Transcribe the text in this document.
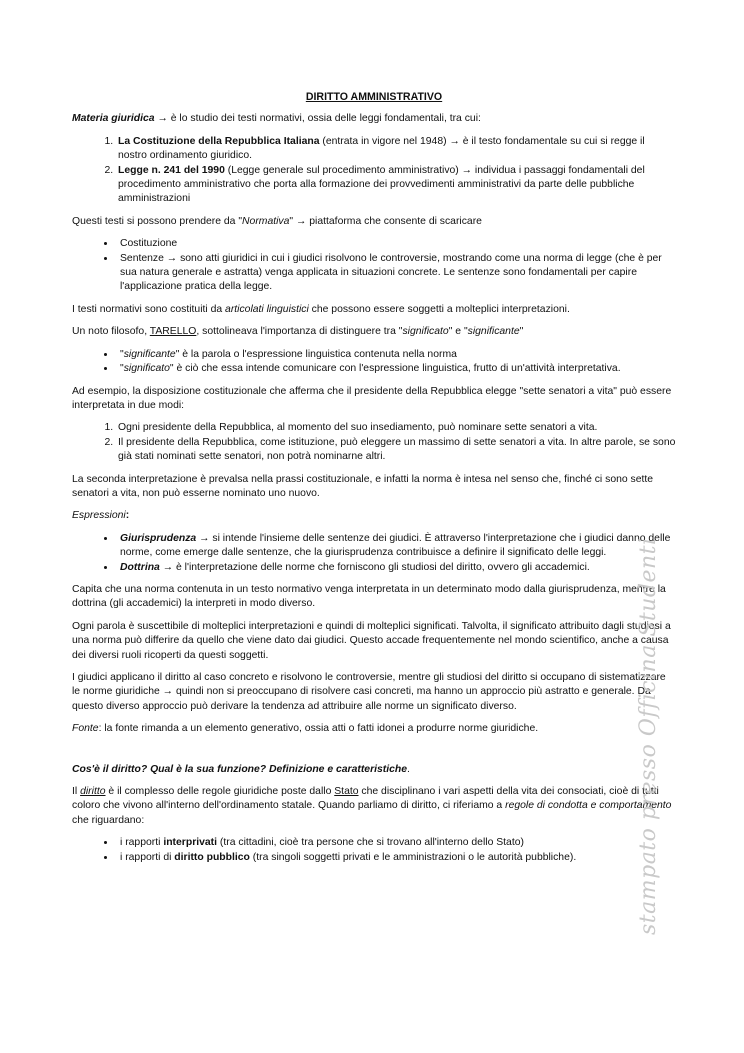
DIRITTO AMMINISTRATIVO

Materia giuridica → è lo studio dei testi normativi, ossia delle leggi fondamentali, tra cui:

1. La Costituzione della Repubblica Italiana (entrata in vigore nel 1948) → è il testo fondamentale su cui si regge il nostro ordinamento giuridico.
2. Legge n. 241 del 1990 (Legge generale sul procedimento amministrativo) → individua i passaggi fondamentali del procedimento amministrativo che porta alla formazione dei provvedimenti amministrativi da parte delle pubbliche amministrazioni

Questi testi si possono prendere da "Normativa" → piattaforma che consente di scaricare

• Costituzione
• Sentenze → sono atti giuridici in cui i giudici risolvono le controversie, mostrando come una norma di legge (che è per sua natura generale e astratta) venga applicata in situazioni concrete. Le sentenze sono fondamentali per capire l'applicazione pratica della legge.

I testi normativi sono costituiti da articolati linguistici che possono essere soggetti a molteplici interpretazioni.

Un noto filosofo, TARELLO, sottolineava l'importanza di distinguere tra "significato" e "significante"

• "significante" è la parola o l'espressione linguistica contenuta nella norma
• "significato" è ciò che essa intende comunicare con l'espressione linguistica, frutto di un'attività interpretativa.

Ad esempio, la disposizione costituzionale che afferma che il presidente della Repubblica elegge "sette senatori a vita" può essere interpretata in due modi:

1. Ogni presidente della Repubblica, al momento del suo insediamento, può nominare sette senatori a vita.
2. Il presidente della Repubblica, come istituzione, può eleggere un massimo di sette senatori a vita. In altre parole, se sono già stati nominati sette senatori, non potrà nominarne altri.

La seconda interpretazione è prevalsa nella prassi costituzionale, e infatti la norma è intesa nel senso che, finché ci sono sette senatori a vita, non può esserne nominato uno nuovo.

Espressioni:

• Giurisprudenza → si intende l'insieme delle sentenze dei giudici. È attraverso l'interpretazione che i giudici danno delle norme, come emerge dalle sentenze, che la giurisprudenza contribuisce a definire il significato delle leggi.
• Dottrina → è l'interpretazione delle norme che forniscono gli studiosi del diritto, ovvero gli accademici.

Capita che una norma contenuta in un testo normativo venga interpretata in un determinato modo dalla giurisprudenza, mentre la dottrina (gli accademici) la interpreti in modo diverso.

Ogni parola è suscettibile di molteplici interpretazioni e quindi di molteplici significati. Talvolta, il significato attribuito dagli studiosi a una norma può differire da quello che viene dato dai giudici. Questo accade frequentemente nel mondo scientifico, anche a causa dei diversi ruoli ricoperti da questi soggetti.

I giudici applicano il diritto al caso concreto e risolvono le controversie, mentre gli studiosi del diritto si occupano di sistematizzare le norme giuridiche → quindi non si preoccupano di risolvere casi concreti, ma hanno un approccio più astratto e generale. Da questo diverso approccio può derivare la tendenza ad attribuire alle norme un significato diverso.

Fonte: la fonte rimanda a un elemento generativo, ossia atti o fatti idonei a produrre norme giuridiche.

Cos'è il diritto? Qual è la sua funzione? Definizione e caratteristiche.

Il diritto è il complesso delle regole giuridiche poste dallo Stato che disciplinano i vari aspetti della vita dei consociati, cioè di tutti coloro che vivono all'interno dell'ordinamento statale. Quando parliamo di diritto, ci riferiamo a regole di condotta e comportamento che riguardano:

• i rapporti interprivati (tra cittadini, cioè tra persone che si trovano all'interno dello Stato)
• i rapporti di diritto pubblico (tra singoli soggetti privati e le amministrazioni o le autorità pubbliche).	stampato presso Officina Studenti
